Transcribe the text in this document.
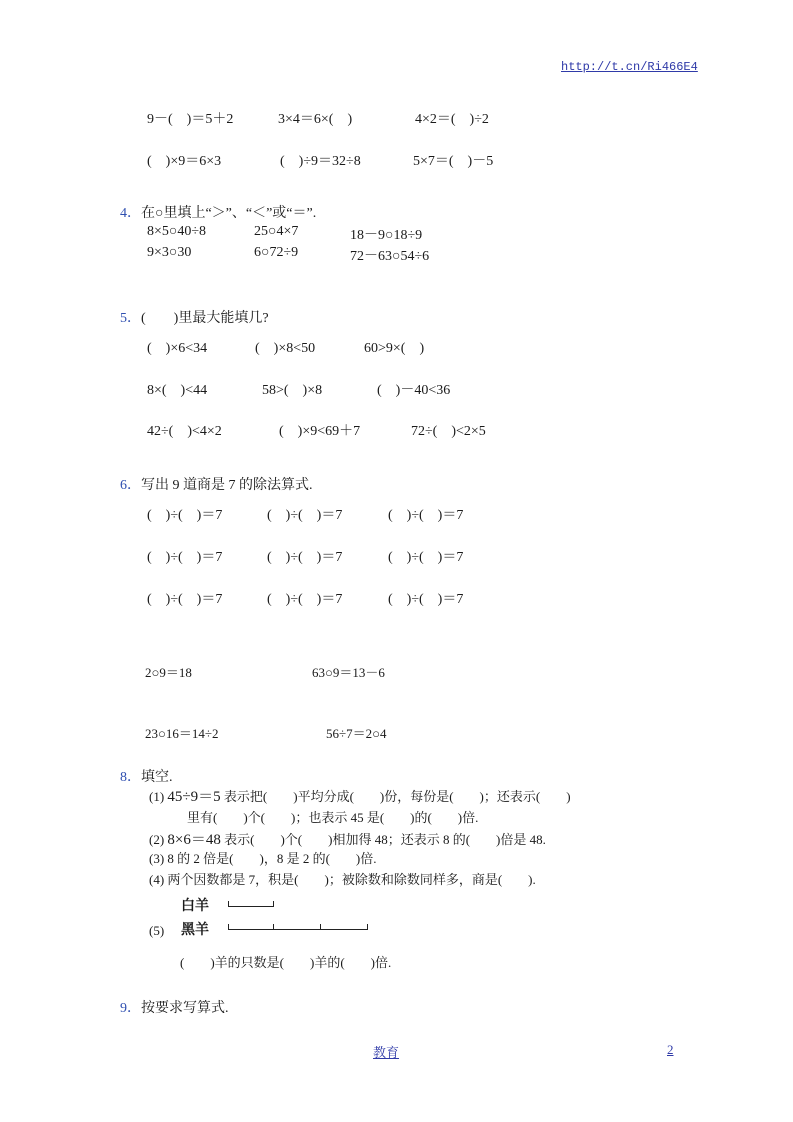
http://t.cn/Ri466E4
9－(　)＝5＋2	3×4＝6×(　)	4×2＝(　)÷2
(　)×9＝6×3	(　)÷9＝32÷8	5×7＝(　)－5
4．在○里填上“＞”、“＜”或“＝”.
8×5○40÷8	25○4×7	18－9○18÷9
9×3○30	6○72÷9	72－63○54÷6
5．(　　)里最大能填几?
(　)×6<34	(　)×8<50	60>9×(　)
8×(　)<44	58>(　)×8	(　)－40<36
42÷(　)<4×2	(　)×9<69＋7	72÷(　)<2×5
6．写出 9 道商是 7 的除法算式.
(　)÷(　)＝7	(　)÷(　)＝7	(　)÷(　)＝7
(　)÷(　)＝7	(　)÷(　)＝7	(　)÷(　)＝7
(　)÷(　)＝7	(　)÷(　)＝7	(　)÷(　)＝7
2○9＝18	63○9＝13－6
23○16＝14÷2	56÷7＝2○4
8．填空.
(1) 45÷9＝5 表示把(　　)平均分成(　　)份，每份是(　　)；还表示(　　)
里有(　　)个(　　)；也表示 45 是(　　)的(　　)倍.
(2) 8×6＝48 表示(　　)个(　　)相加得 48；还表示 8 的(　　)倍是 48.
(3) 8 的 2 倍是(　　)，8 是 2 的(　　)倍.
(4) 两个因数都是 7，积是(　　)；被除数和除数同样多，商是(　　).
白羊
(5) 黑羊
(　　)羊的只数是(　　)羊的(　　)倍.
9．按要求写算式.
教育	2
